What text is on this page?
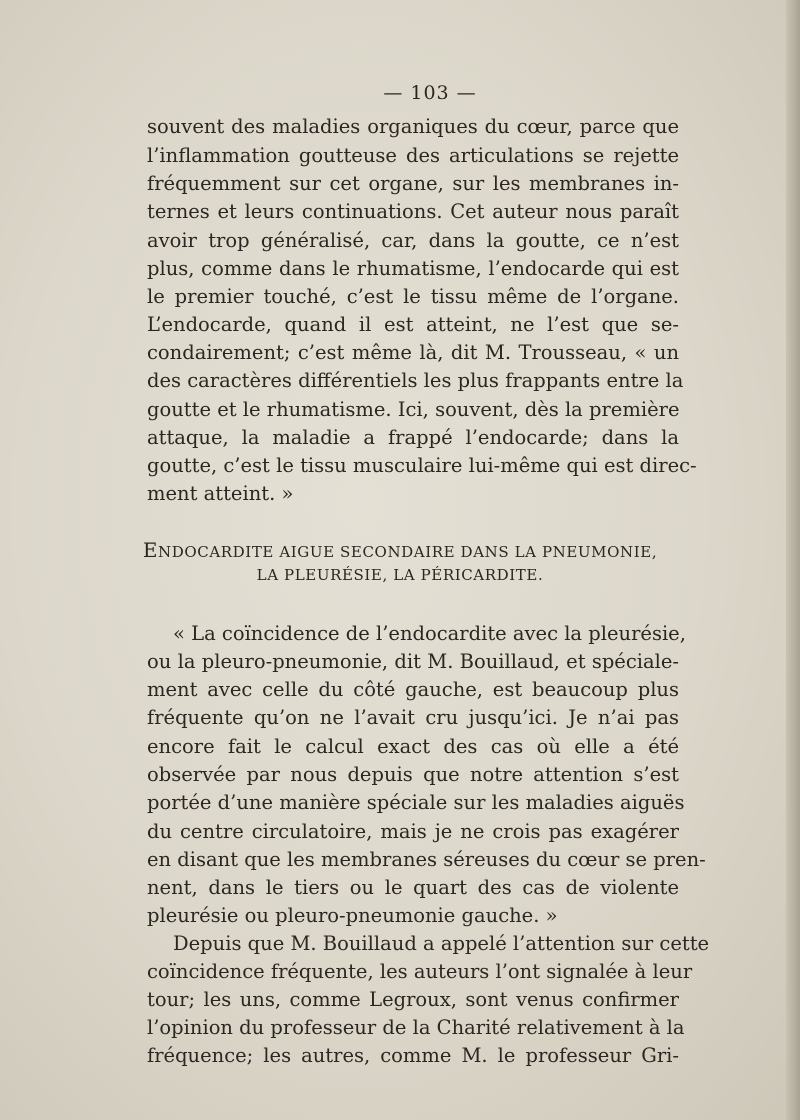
— 103 —
souvent des maladies organiques du cœur, parce que
l’inflammation goutteuse des articulations se rejette
fréquemment sur cet organe, sur les membranes in-
ternes et leurs continuations. Cet auteur nous paraît
avoir trop généralisé, car, dans la goutte, ce n’est
plus, comme dans le rhumatisme, l’endocarde qui est
le premier touché, c’est le tissu même de l’organe.
L’endocarde, quand il est atteint, ne l’est que se-
condairement; c’est même là, dit M. Trousseau, « un
des caractères différentiels les plus frappants entre la
goutte et le rhumatisme. Ici, souvent, dès la première
attaque, la maladie a frappé l’endocarde; dans la
goutte, c’est le tissu musculaire lui-même qui est direc-
ment atteint. »
ENDOCARDITE AIGUE SECONDAIRE DANS LA PNEUMONIE,
LA PLEURÉSIE, LA PÉRICARDITE.
« La coïncidence de l’endocardite avec la pleurésie,
ou la pleuro-pneumonie, dit M. Bouillaud, et spéciale-
ment avec celle du côté gauche, est beaucoup plus
fréquente qu’on ne l’avait cru jusqu’ici. Je n’ai pas
encore fait le calcul exact des cas où elle a été
observée par nous depuis que notre attention s’est
portée d’une manière spéciale sur les maladies aiguës
du centre circulatoire, mais je ne crois pas exagérer
en disant que les membranes séreuses du cœur se pren-
nent, dans le tiers ou le quart des cas de violente
pleurésie ou pleuro-pneumonie gauche. »
Depuis que M. Bouillaud a appelé l’attention sur cette
coïncidence fréquente, les auteurs l’ont signalée à leur
tour; les uns, comme Legroux, sont venus confirmer
l’opinion du professeur de la Charité relativement à la
fréquence; les autres, comme M. le professeur Gri-
